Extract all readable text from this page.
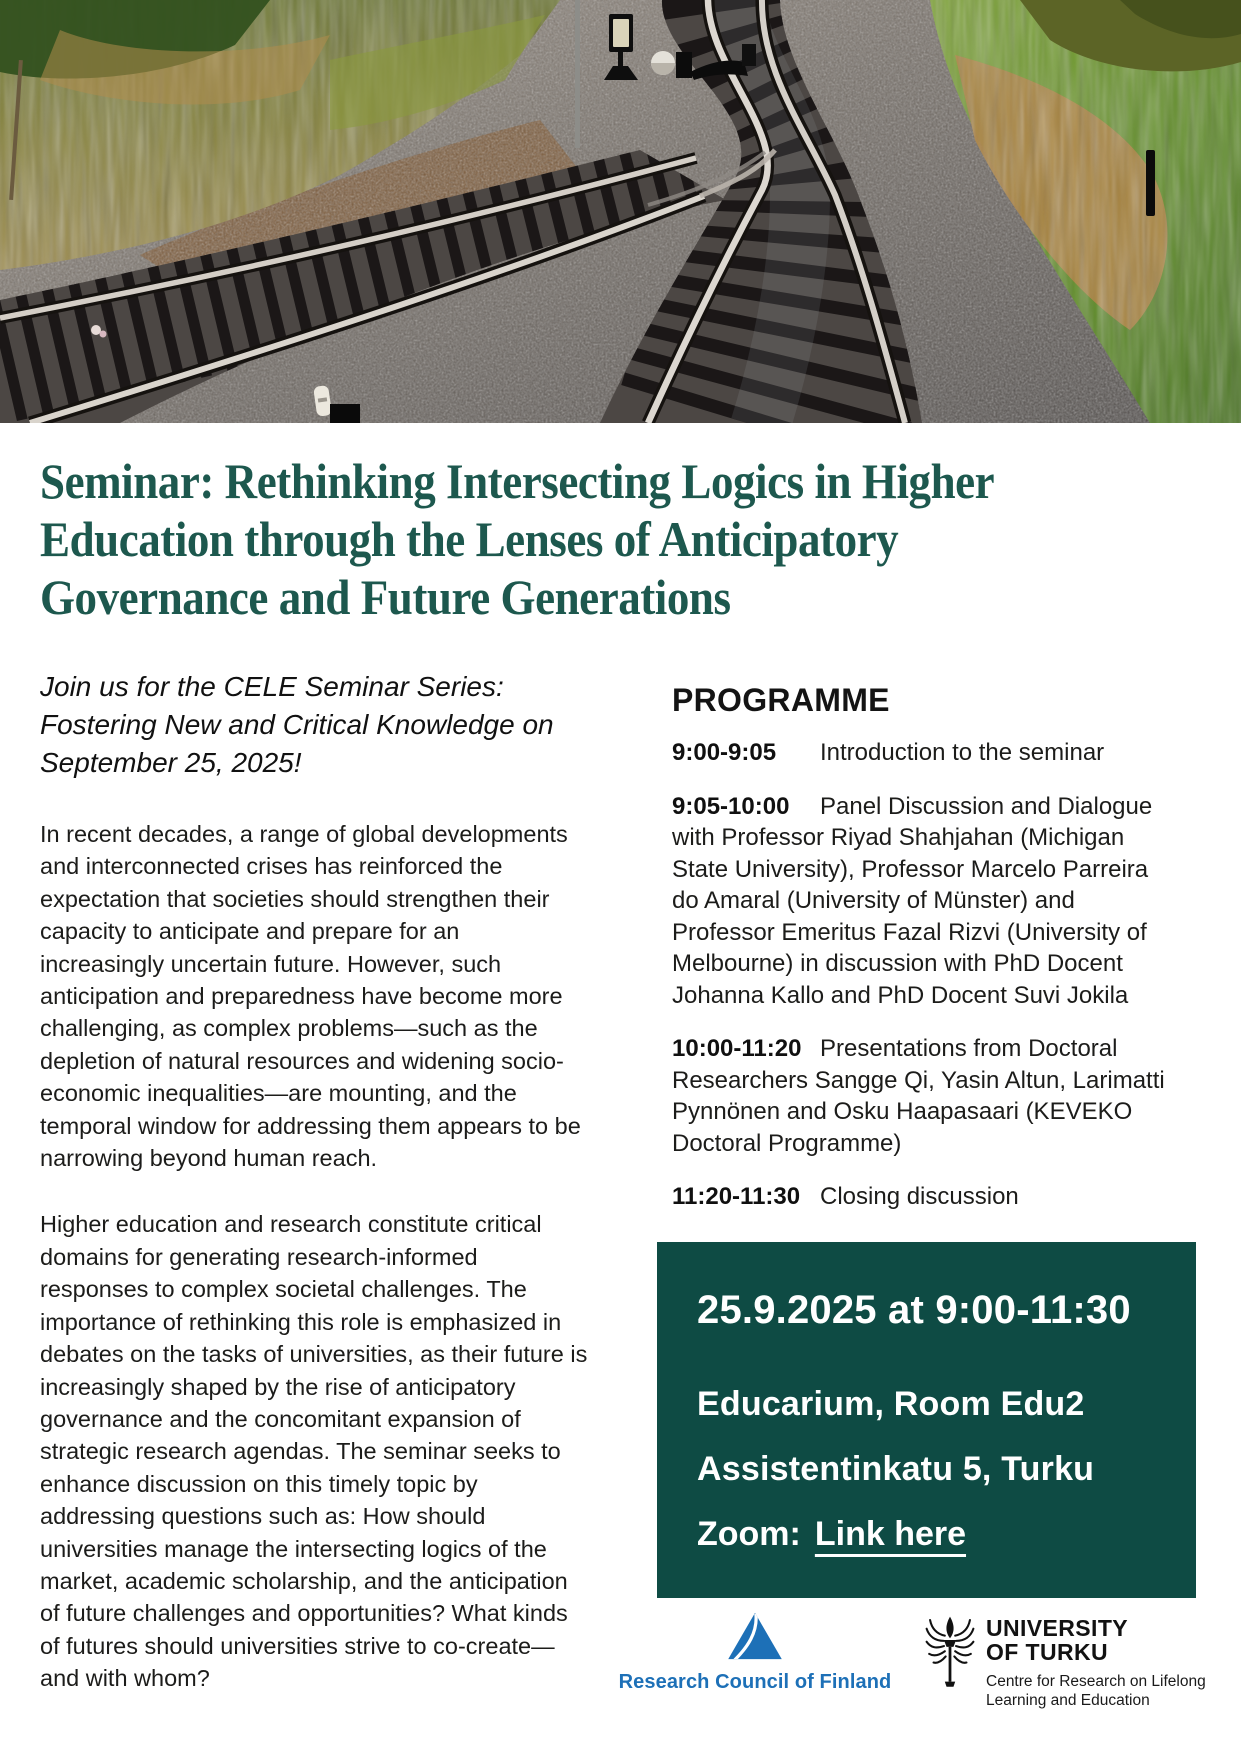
Seminar: Rethinking Intersecting Logics in Higher
Education through the Lenses of Anticipatory
Governance and Future Generations

Join us for the CELE Seminar Series: Fostering New and Critical Knowledge on September 25, 2025!

In recent decades, a range of global developments and interconnected crises has reinforced the expectation that societies should strengthen their capacity to anticipate and prepare for an increasingly uncertain future. However, such anticipation and preparedness have become more challenging, as complex problems—such as the depletion of natural resources and widening socio-economic inequalities—are mounting, and the temporal window for addressing them appears to be narrowing beyond human reach.

Higher education and research constitute critical domains for generating research-informed responses to complex societal challenges. The importance of rethinking this role is emphasized in debates on the tasks of universities, as their future is increasingly shaped by the rise of anticipatory governance and the concomitant expansion of strategic research agendas. The seminar seeks to enhance discussion on this timely topic by addressing questions such as: How should universities manage the intersecting logics of the market, academic scholarship, and the anticipation of future challenges and opportunities? What kinds of futures should universities strive to co-create—and with whom?

PROGRAMME

9:00-9:05 Introduction to the seminar

9:05-10:00 Panel Discussion and Dialogue with Professor Riyad Shahjahan (Michigan State University), Professor Marcelo Parreira do Amaral (University of Münster) and Professor Emeritus Fazal Rizvi (University of Melbourne) in discussion with PhD Docent Johanna Kallo and PhD Docent Suvi Jokila

10:00-11:20 Presentations from Doctoral Researchers Sangge Qi, Yasin Altun, Larimatti Pynnönen and Osku Haapasaari (KEVEKO Doctoral Programme)

11:20-11:30 Closing discussion

25.9.2025 at 9:00-11:30

Educarium, Room Edu2

Assistentinkatu 5, Turku

Zoom: Link here

Research Council of Finland
UNIVERSITY
OF TURKU
Centre for Research on Lifelong Learning and Education
